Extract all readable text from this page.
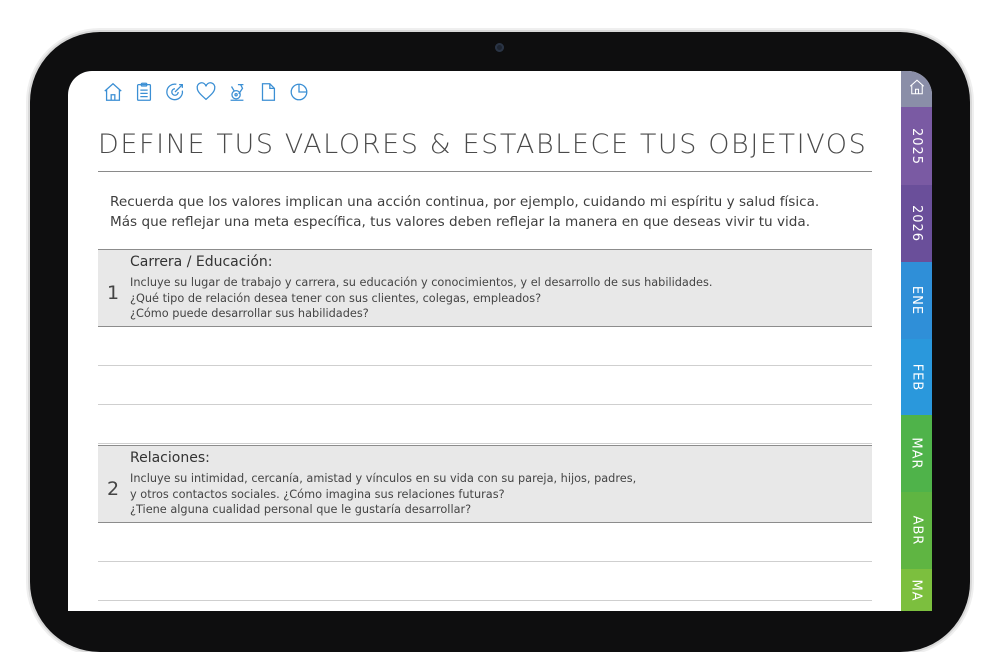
DEFINE TUS VALORES & ESTABLECE TUS OBJETIVOS
Recuerda que los valores implican una acción continua, por ejemplo, cuidando mi espíritu y salud física.
Más que reflejar una meta específica, tus valores deben reflejar la manera en que deseas vivir tu vida.
1
Carrera / Educación:
Incluye su lugar de trabajo y carrera, su educación y conocimientos, y el desarrollo de sus habilidades.
¿Qué tipo de relación desea tener con sus clientes, colegas, empleados?
¿Cómo puede desarrollar sus habilidades?
2
Relaciones:
Incluye su intimidad, cercanía, amistad y vínculos en su vida con su pareja, hijos, padres,
y otros contactos sociales. ¿Cómo imagina sus relaciones futuras?
¿Tiene alguna cualidad personal que le gustaría desarrollar?
2025
2026
ENE
FEB
MAR
ABR
MA
